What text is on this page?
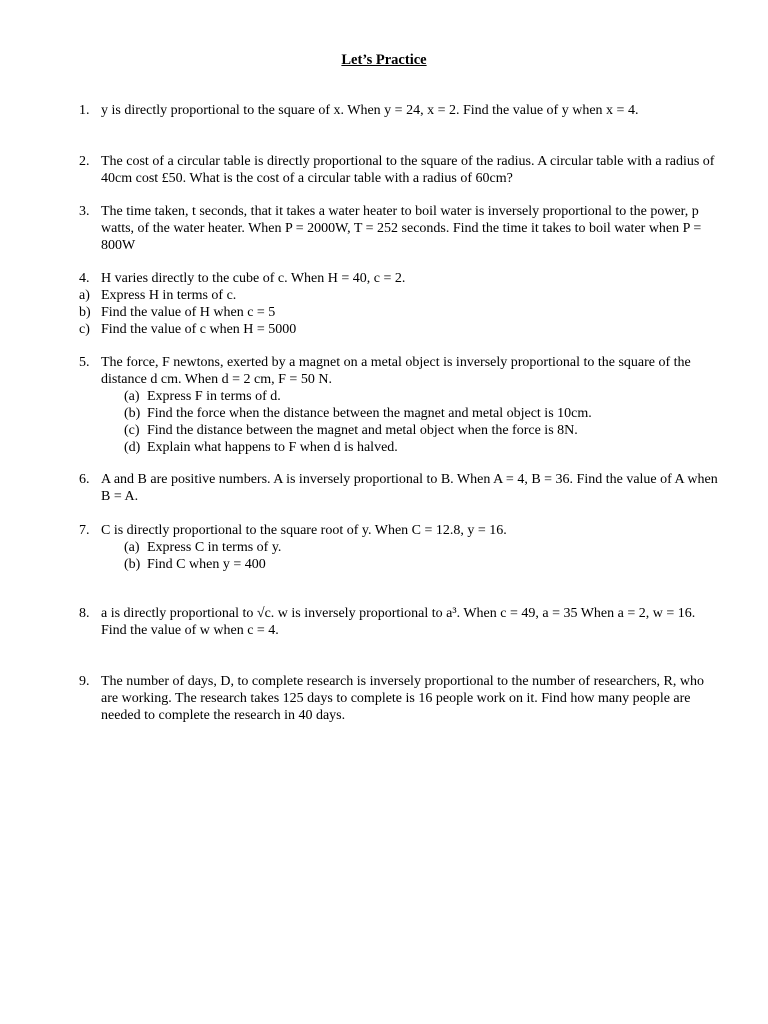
Let’s Practice
1. y is directly proportional to the square of x. When y = 24, x = 2. Find the value of y when x = 4.
2. The cost of a circular table is directly proportional to the square of the radius. A circular table with a radius of 40cm cost £50. What is the cost of a circular table with a radius of 60cm?
3. The time taken, t seconds, that it takes a water heater to boil water is inversely proportional to the power, p watts, of the water heater. When P = 2000W, T = 252 seconds. Find the time it takes to boil water when P = 800W
4. H varies directly to the cube of c. When H = 40, c = 2.
a) Express H in terms of c.
b) Find the value of H when c = 5
c) Find the value of c when H = 5000
5. The force, F newtons, exerted by a magnet on a metal object is inversely proportional to the square of the distance d cm. When d = 2 cm, F = 50 N.
(a) Express F in terms of d.
(b) Find the force when the distance between the magnet and metal object is 10cm.
(c) Find the distance between the magnet and metal object when the force is 8N.
(d) Explain what happens to F when d is halved.
6. A and B are positive numbers. A is inversely proportional to B. When A = 4, B = 36. Find the value of A when B = A.
7. C is directly proportional to the square root of y. When C = 12.8, y = 16.
(a) Express C in terms of y.
(b) Find C when y = 400
8. a is directly proportional to √c. w is inversely proportional to a³. When c = 49, a = 35 When a = 2, w = 16. Find the value of w when c = 4.
9. The number of days, D, to complete research is inversely proportional to the number of researchers, R, who are working. The research takes 125 days to complete is 16 people work on it. Find how many people are needed to complete the research in 40 days.
